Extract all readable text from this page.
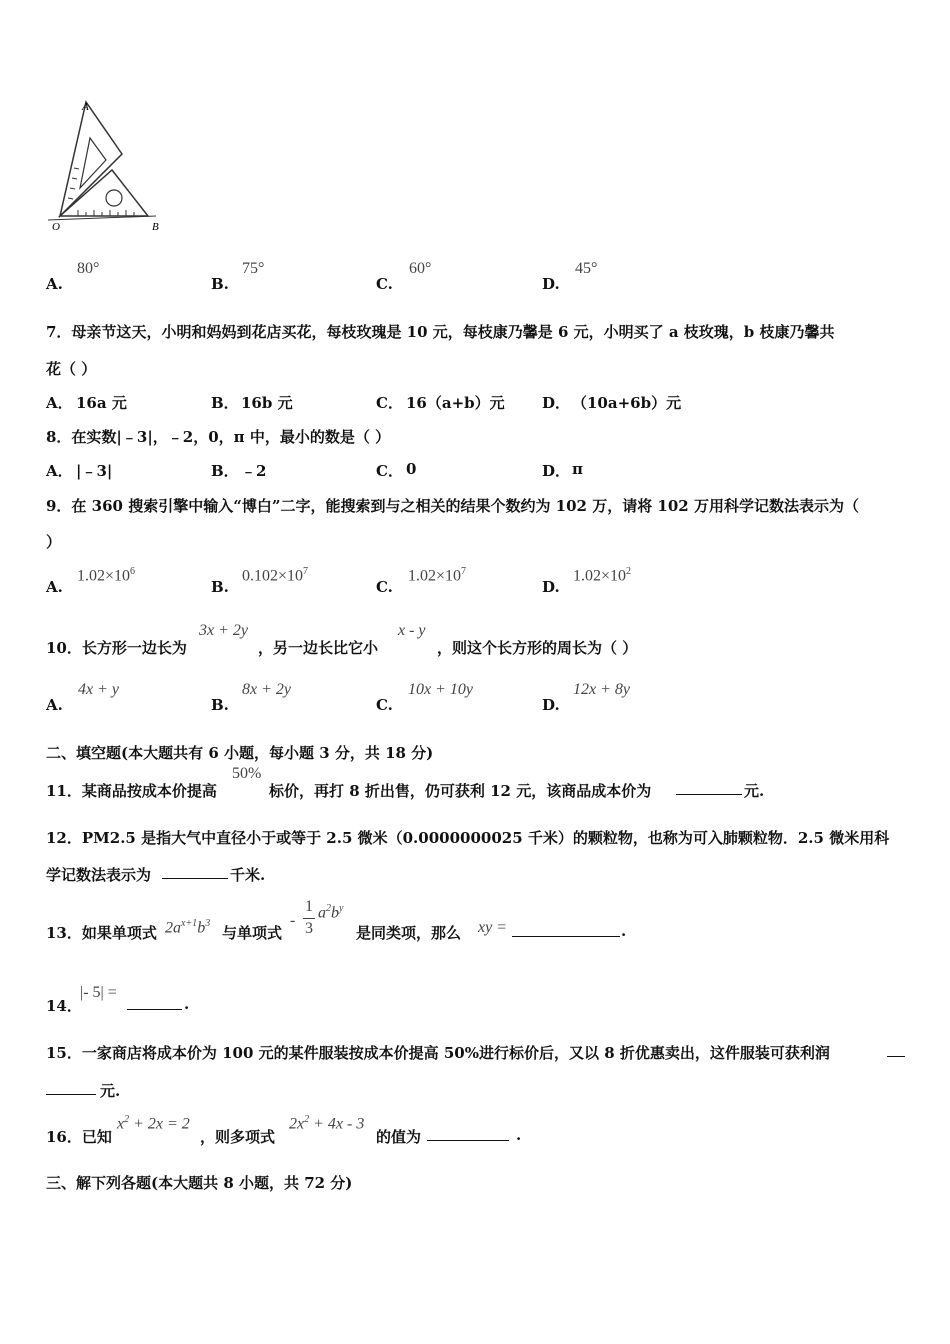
A
O	B
A.
80°
B.
75°
C.
60°
D.
45°
7．母亲节这天，小明和妈妈到花店买花，每枝玫瑰是 10 元，每枝康乃馨是 6 元，小明买了 a 枝玫瑰，b 枝康乃馨共
花（ ）
A． 16a 元	B． 16b 元	C． 16（a+b）元 D． （10a+6b）元
8．在实数|﹣3|，﹣2，0，π 中，最小的数是（ ）
A． |﹣3|	B． ﹣2	C． 0	D． π
9．在 360 搜索引擎中输入“博白”二字，能搜索到与之相关的结果个数约为 102 万，请将 102 万用科学记数法表示为（
）
A.
$1.02\times 10^6$
B.
$0.102\times 10^7$
C.
$1.02\times 10^7$
D.
$1.02\times 10^2$
10．长方形一边长为
3x + 2y
，另一边长比它小
x - y
，则这个长方形的周长为（ ）
A.
4x + y
B.
8x + 2y
C.
10x + 10y
D.
12x + 8y
二、填空题(本大题共有 6 小题，每小题 3 分，共 18 分)
11．某商品按成本价提高
50%
标价，再打 8 折出售，仍可获利 12 元，该商品成本价为	元.
12．PM2.5 是指大气中直径小于或等于 2.5 微米（0.0000000025 千米）的颗粒物，也称为可入肺颗粒物．2.5 微米用科
学记数法表示为	千米.
13．如果单项式 $2a^{x+1}b^3$
与单项式
-
1
3
$a^2b^y$
是同类项，那么 xy =	.
14．
|- 5| =
.
15．一家商店将成本价为 100 元的某件服装按成本价提高 50%进行标价后，又以 8 折优惠卖出，这件服装可获利润
元.
16．已知
$x^2 + 2x = 2$
，则多项式
$2x^2 + 4x - 3$
的值为	.
三、解下列各题(本大题共 8 小题，共 72 分)
